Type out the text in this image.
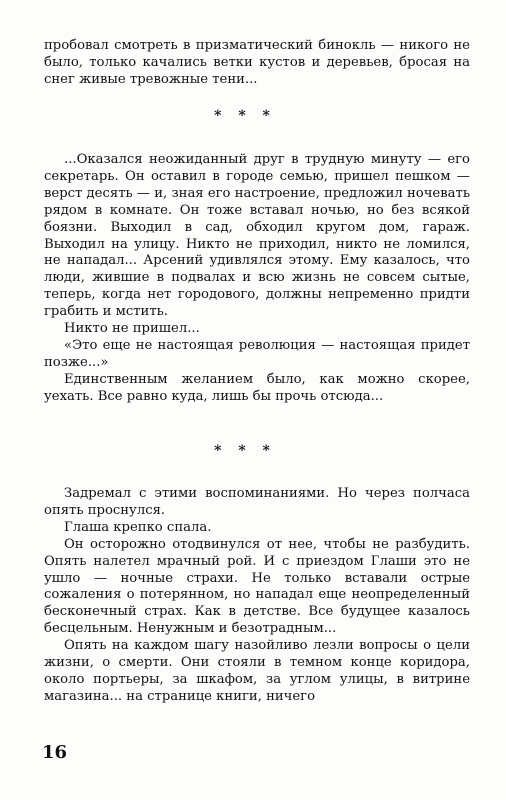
пробовал смотреть в призматический бинокль — никого не было, только качались ветки кустов и деревьев, бросая на снег живые тревожные тени...

* * *

...Оказался неожиданный друг в трудную минуту — его секретарь. Он оставил в городе семью, пришел пешком — верст десять — и, зная его настроение, предложил ночевать рядом в комнате. Он тоже вставал ночью, но без всякой боязни. Выходил в сад, обходил кругом дом, гараж. Выходил на улицу. Никто не приходил, никто не ломился, не нападал... Арсений удивлялся этому. Ему казалось, что люди, жившие в подвалах и всю жизнь не совсем сытые, теперь, когда нет городового, должны непременно придти грабить и мстить.

Никто не пришел...

«Это еще не настоящая революция — настоящая придет позже...»

Единственным желанием было, как можно скорее, уехать. Все равно куда, лишь бы прочь отсюда...

* * *

Задремал с этими воспоминаниями. Но через полчаса опять проснулся.

Глаша крепко спала.

Он осторожно отодвинулся от нее, чтобы не разбудить. Опять налетел мрачный рой. И с приездом Глаши это не ушло — ночные страхи. Не только вставали острые сожаления о потерянном, но нападал еще неопределенный бесконечный страх. Как в детстве. Все будущее казалось бесцельным. Ненужным и безотрадным...

Опять на каждом шагу назойливо лезли вопросы о цели жизни, о смерти. Они стояли в темном конце коридора, около портьеры, за шкафом, за углом улицы, в витрине магазина... на странице книги, ничего

16
